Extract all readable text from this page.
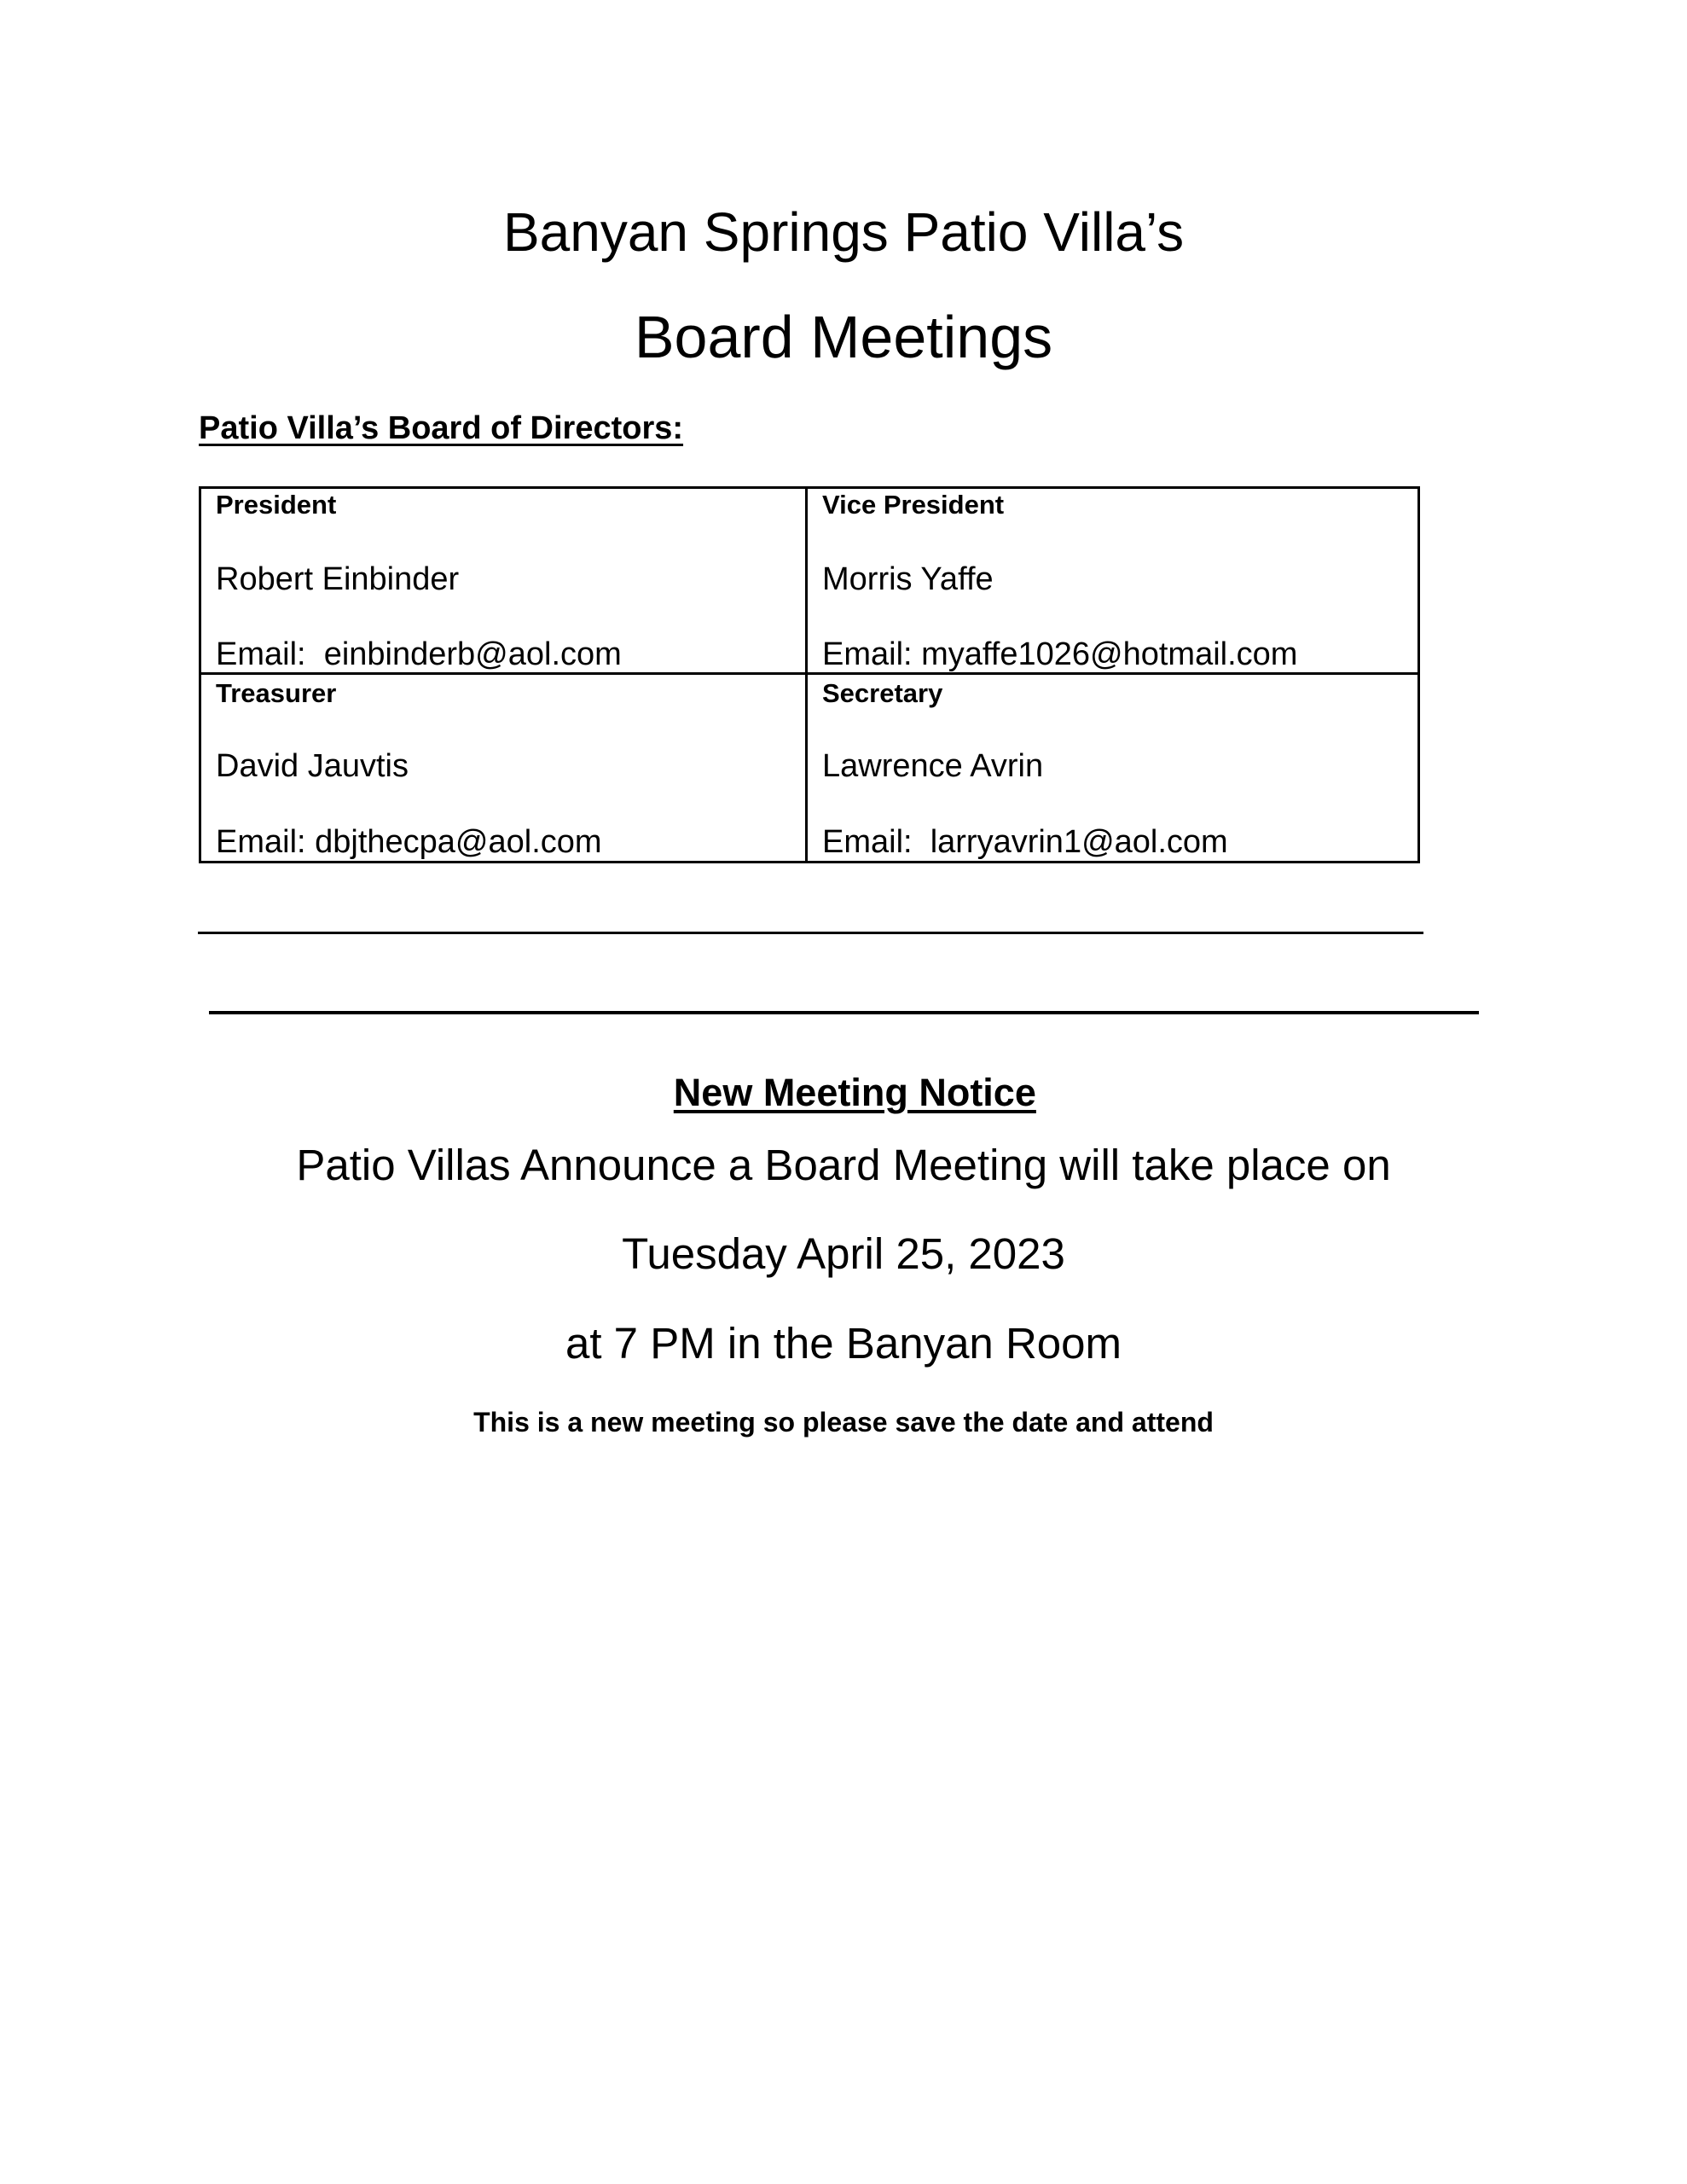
Banyan Springs Patio Villa’s
Board Meetings
Patio Villa’s Board of Directors:
President
Robert Einbinder
Email:  einbinderb@aol.com
Vice President
Morris Yaffe
Email: myaffe1026@hotmail.com
Treasurer
David Jauvtis
Email: dbjthecpa@aol.com
Secretary
Lawrence Avrin
Email:  larryavrin1@aol.com

New Meeting Notice

Patio Villas Announce a Board Meeting will take place on
Tuesday April 25, 2023
at 7 PM in the Banyan Room
This is a new meeting so please save the date and attend
